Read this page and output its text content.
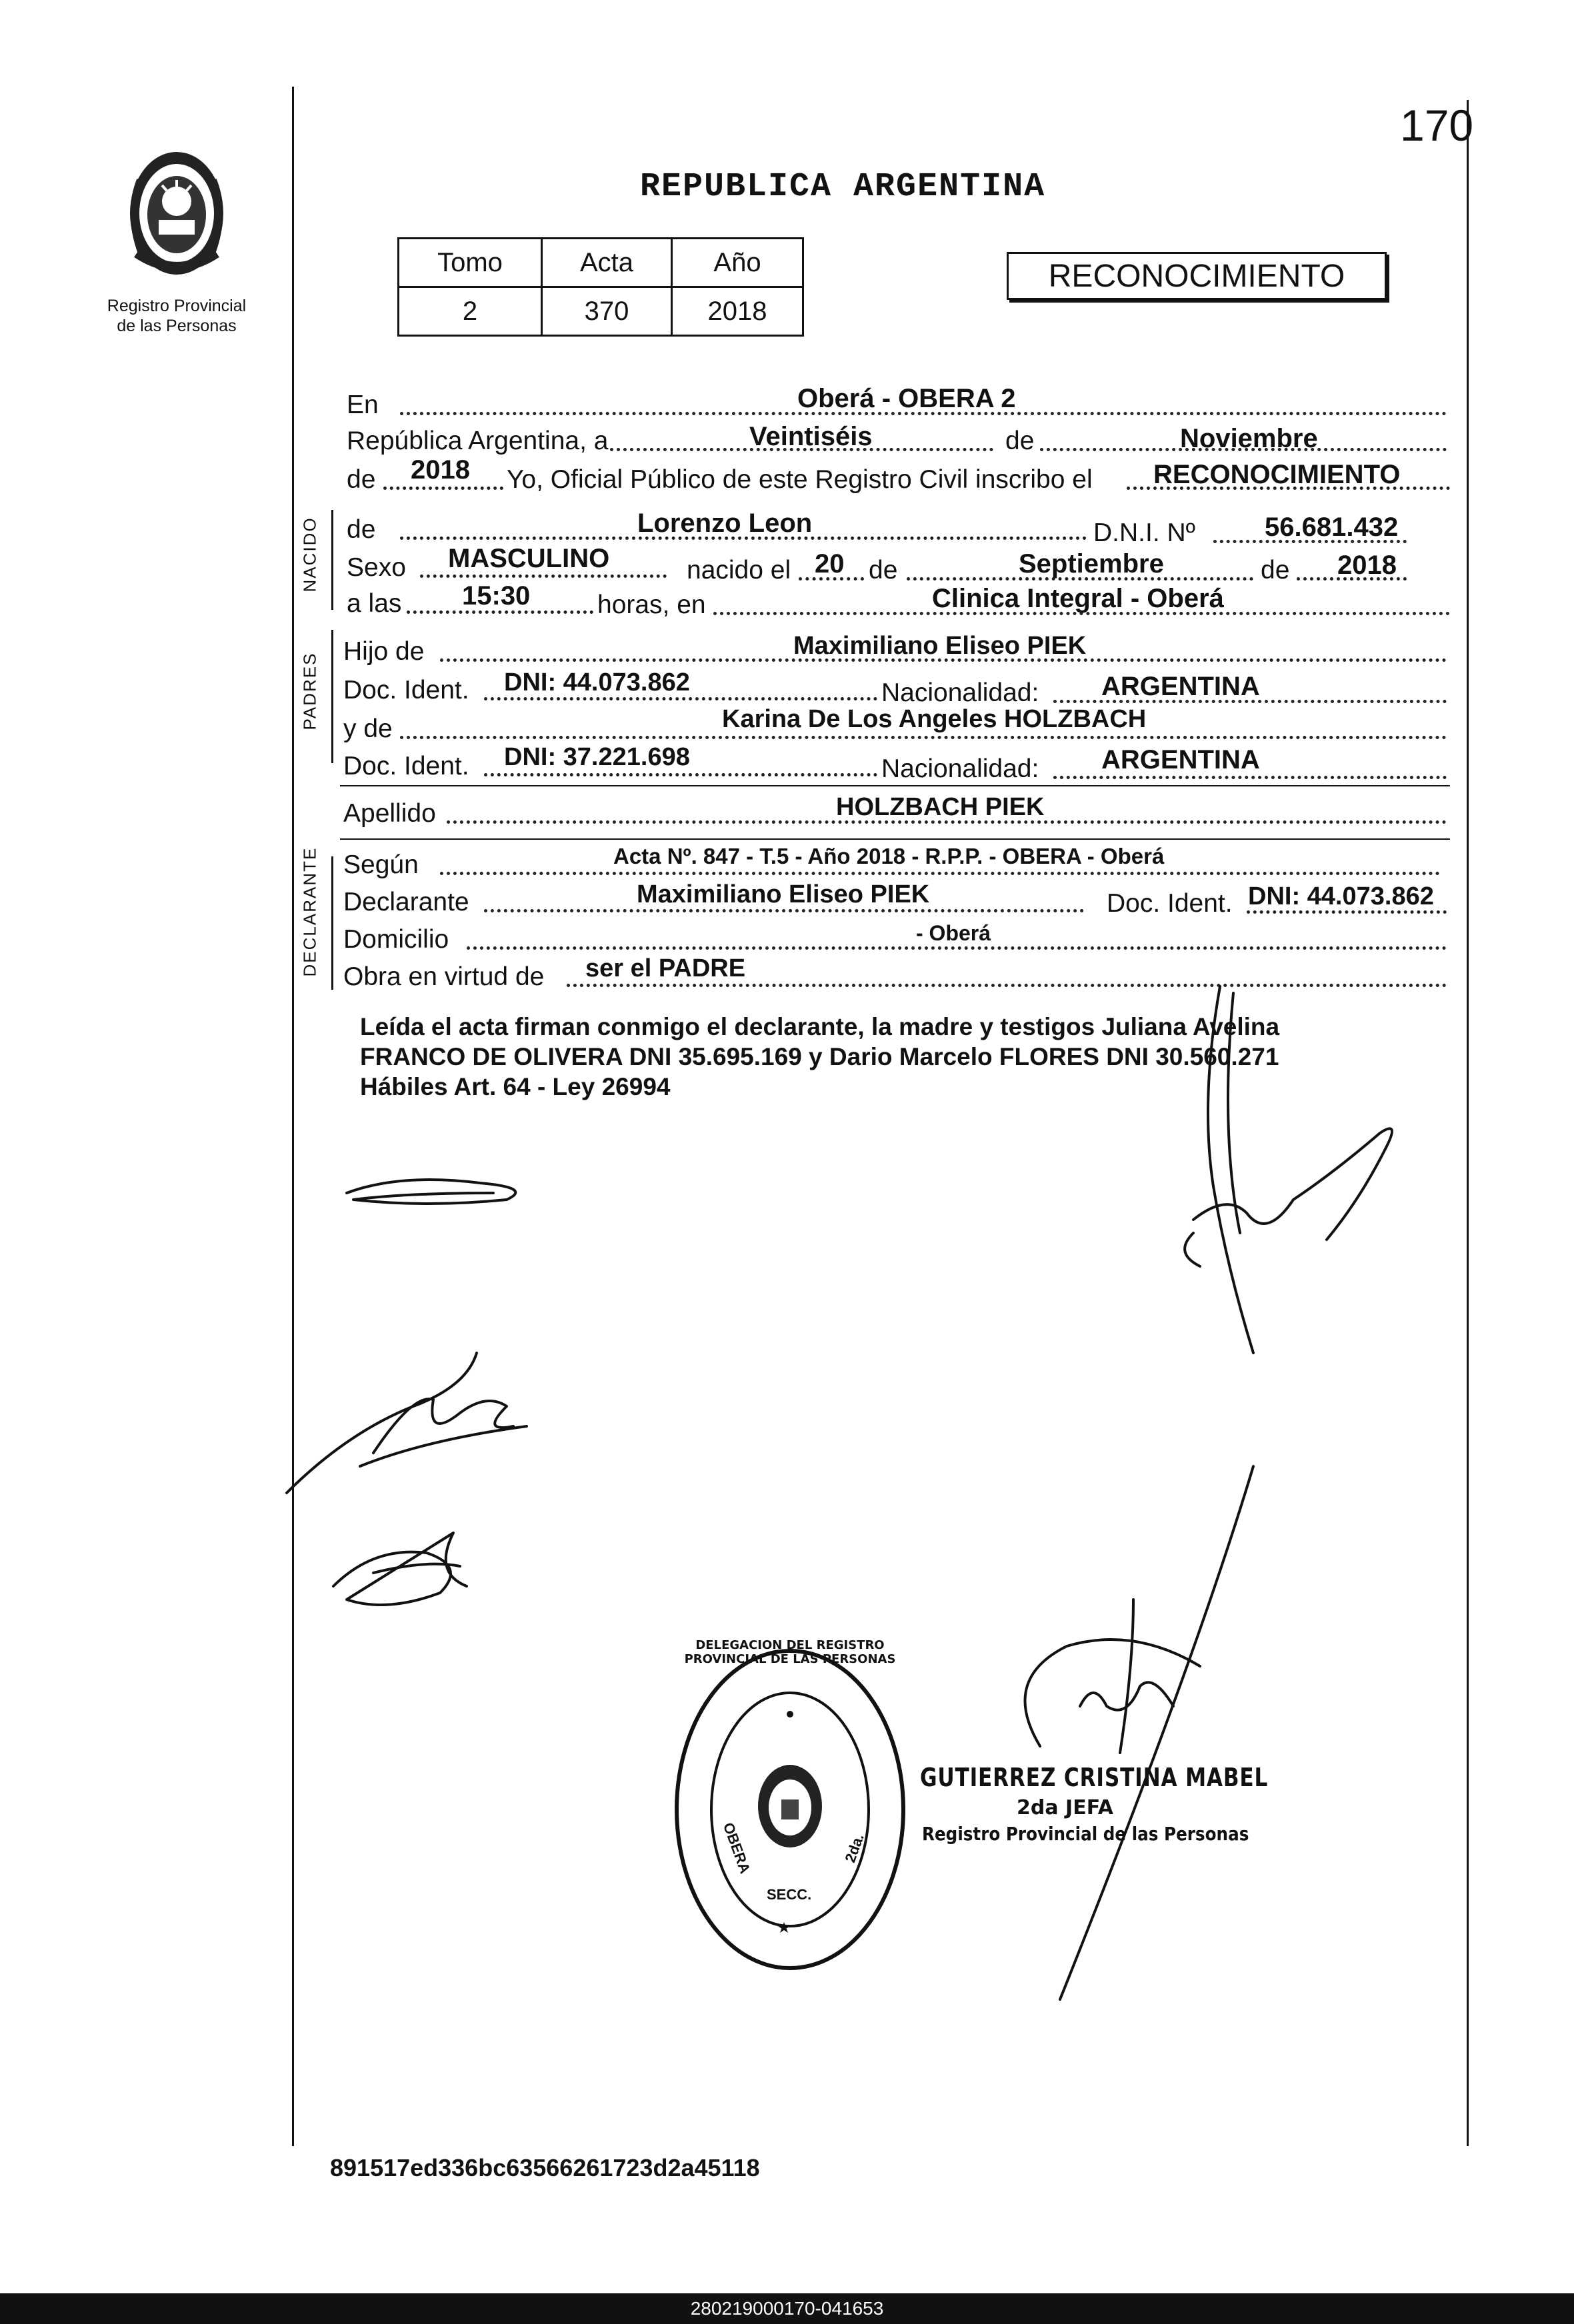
170
Registro Provincial
de las Personas
REPUBLICA ARGENTINA
Tomo	Acta	Año
2	370	2018
RECONOCIMIENTO
En	Oberá - OBERA 2
República Argentina, a	Veintiséis	de	Noviembre
de 2018 Yo, Oficial Público de este Registro Civil inscribo el RECONOCIMIENTO
NACIDO de	Lorenzo Leon	D.N.I. Nº	56.681.432
Sexo MASCULINO	nacido el 20 de	Septiembre	de 2018
a las 15:30	horas, en	Clinica Integral - Oberá
PADRES
Hijo de	Maximiliano Eliseo PIEK
Doc. Ident. DNI: 44.073.862	Nacionalidad: ARGENTINA
y de	Karina De Los Angeles HOLZBACH
Doc. Ident. DNI: 37.221.698	Nacionalidad: ARGENTINA
Apellido	HOLZBACH PIEK
DECLARANTE Según	Acta Nº. 847 - T.5 - Año 2018 - R.P.P. - OBERA - Oberá
Declarante	Maximiliano Eliseo PIEK	Doc. Ident. DNI: 44.073.862
Domicilio	- Oberá
Obra en virtud de ser el PADRE
Leída el acta firman conmigo el declarante, la madre y testigos Juliana Avelina
FRANCO DE OLIVERA DNI 35.695.169 y Dario Marcelo FLORES DNI 30.560.271
Hábiles Art. 64 - Ley 26994
DELEGACION DEL REGISTRO PROVINCIAL DE LAS PERSONAS
OBERA	2da.
SECC.
GUTIERREZ CRISTINA MABEL
2da JEFA
Registro Provincial de las Personas
891517ed336bc63566261723d2a45118
280219000170-041653
